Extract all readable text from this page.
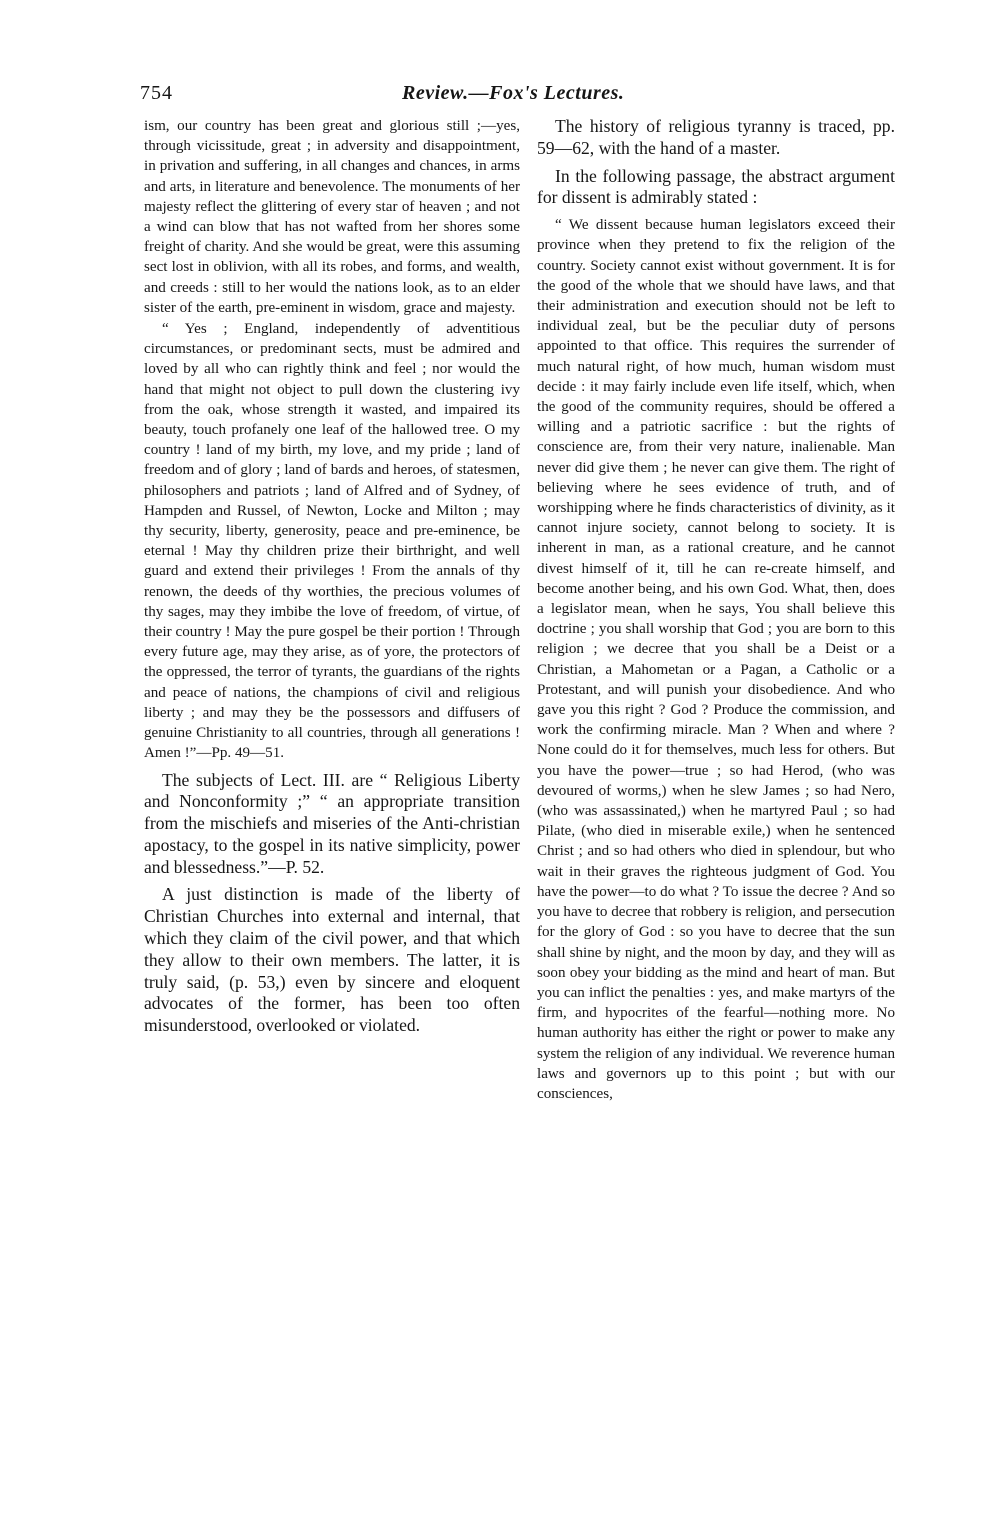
754	Review.—Fox's Lectures.

ism, our country has been great and glorious still ;—yes, through vicissitude, great ; in adversity and disappointment, in privation and suffering, in all changes and chances, in arms and arts, in literature and benevolence. The monuments of her majesty reflect the glittering of every star of heaven ; and not a wind can blow that has not wafted from her shores some freight of charity. And she would be great, were this assuming sect lost in oblivion, with all its robes, and forms, and wealth, and creeds : still to her would the nations look, as to an elder sister of the earth, pre-eminent in wisdom, grace and majesty.

“ Yes ; England, independently of adventitious circumstances, or predominant sects, must be admired and loved by all who can rightly think and feel ; nor would the hand that might not object to pull down the clustering ivy from the oak, whose strength it wasted, and impaired its beauty, touch profanely one leaf of the hallowed tree. O my country ! land of my birth, my love, and my pride ; land of freedom and of glory ; land of bards and heroes, of statesmen, philosophers and patriots ; land of Alfred and of Sydney, of Hampden and Russel, of Newton, Locke and Milton ; may thy security, liberty, generosity, peace and pre-eminence, be eternal ! May thy children prize their birthright, and well guard and extend their privileges ! From the annals of thy renown, the deeds of thy worthies, the precious volumes of thy sages, may they imbibe the love of freedom, of virtue, of their country ! May the pure gospel be their portion ! Through every future age, may they arise, as of yore, the protectors of the oppressed, the terror of tyrants, the guardians of the rights and peace of nations, the champions of civil and religious liberty ; and may they be the possessors and diffusers of genuine Christianity to all countries, through all generations ! Amen !”—Pp. 49—51.

The subjects of Lect. III. are “ Religious Liberty and Nonconformity ;” “ an appropriate transition from the mischiefs and miseries of the Anti-christian apostacy, to the gospel in its native simplicity, power and blessedness.”—P. 52.

A just distinction is made of the liberty of Christian Churches into external and internal, that which they claim of the civil power, and that which they allow to their own members. The latter, it is truly said, (p. 53,) even by sincere and eloquent advocates of the former, has been too often misunderstood, overlooked or violated.

The history of religious tyranny is traced, pp. 59—62, with the hand of a master.

In the following passage, the abstract argument for dissent is admirably stated :

“ We dissent because human legislators exceed their province when they pretend to fix the religion of the country. Society cannot exist without government. It is for the good of the whole that we should have laws, and that their administration and execution should not be left to individual zeal, but be the peculiar duty of persons appointed to that office. This requires the surrender of much natural right, of how much, human wisdom must decide : it may fairly include even life itself, which, when the good of the community requires, should be offered a willing and a patriotic sacrifice : but the rights of conscience are, from their very nature, inalienable. Man never did give them ; he never can give them. The right of believing where he sees evidence of truth, and of worshipping where he finds characteristics of divinity, as it cannot injure society, cannot belong to society. It is inherent in man, as a rational creature, and he cannot divest himself of it, till he can re-create himself, and become another being, and his own God. What, then, does a legislator mean, when he says, You shall believe this doctrine ; you shall worship that God ; you are born to this religion ; we decree that you shall be a Deist or a Christian, a Mahometan or a Pagan, a Catholic or a Protestant, and will punish your disobedience. And who gave you this right ? God ? Produce the commission, and work the confirming miracle. Man ? When and where ? None could do it for themselves, much less for others. But you have the power—true ; so had Herod, (who was devoured of worms,) when he slew James ; so had Nero, (who was assassinated,) when he martyred Paul ; so had Pilate, (who died in miserable exile,) when he sentenced Christ ; and so had others who died in splendour, but who wait in their graves the righteous judgment of God. You have the power—to do what ? To issue the decree ? And so you have to decree that robbery is religion, and persecution for the glory of God : so you have to decree that the sun shall shine by night, and the moon by day, and they will as soon obey your bidding as the mind and heart of man. But you can inflict the penalties : yes, and make martyrs of the firm, and hypocrites of the fearful—nothing more. No human authority has either the right or power to make any system the religion of any individual. We reverence human laws and governors up to this point ; but with our consciences,
